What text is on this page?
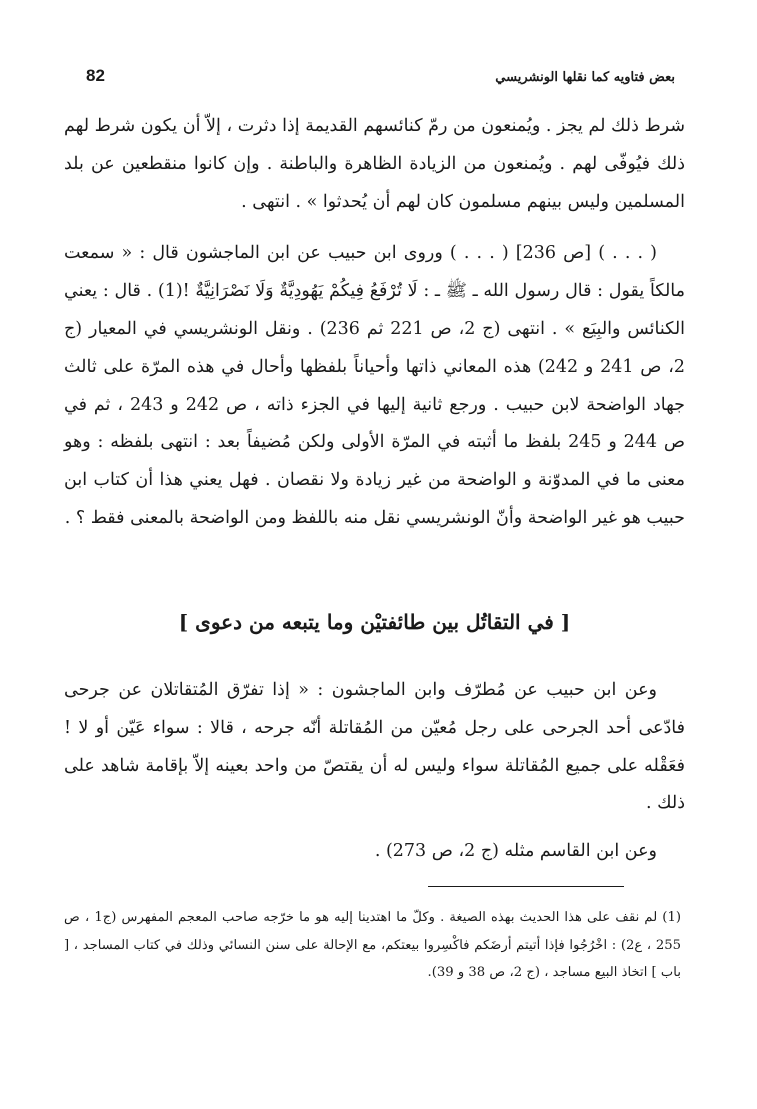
82	بعض فتاويه كما نقلها الونشريسي

شرط ذلك لم يجز . ويُمنعون من رمّ كنائسهم القديمة إذا دثرت ، إلاّ أن يكون شرط لهم ذلك فيُوفّى لهم . ويُمنعون من الزيادة الظاهرة والباطنة . وإن كانوا منقطعين عن بلد المسلمين وليس بينهم مسلمون كان لهم أن يُحدثوا » . انتهى .

( . . . ) [ص 236] ( . . . ) وروى ابن حبيب عن ابن الماجشون قال : « سمعت مالكاً يقول : قال رسول الله ـ ﷺ ـ : لَا تُرْفَعُ فِيكُمْ يَهُودِيَّةٌ وَلَا نَصْرَانِيَّةٌ !(1) . قال : يعني الكنائس والبِيَع » . انتهى (ج 2، ص 221 ثم 236) . ونقل الونشريسي في المعيار (ج 2، ص 241 و 242) هذه المعاني ذاتها وأحياناً بلفظها وأحال في هذه المرّة على ثالث جهاد الواضحة لابن حبيب . ورجع ثانية إليها في الجزء ذاته ، ص 242 و 243 ، ثم في ص 244 و 245 بلفظ ما أثبته في المرّة الأولى ولكن مُضيفاً بعد : انتهى بلفظه : وهو معنى ما في المدوّنة و الواضحة من غير زيادة ولا نقصان . فهل يعني هذا أن كتاب ابن حبيب هو غير الواضحة وأنّ الونشريسي نقل منه باللفظ ومن الواضحة بالمعنى فقط ؟ .

[ في التقاتُل بين طائفتيْن وما يتبعه من دعوى ]

وعن ابن حبيب عن مُطرّف وابن الماجشون : « إذا تفرّق المُتقاتلان عن جرحى فادّعى أحد الجرحى على رجل مُعيّن من المُقاتلة أنّه جرحه ، قالا : سواء عَيّن أو لا ! فعَقْله على جميع المُقاتلة سواء وليس له أن يقتصّ من واحد بعينه إلاّ بإقامة شاهد على ذلك .

وعن ابن القاسم مثله (ج 2، ص 273) .

(1) لم نقف على هذا الحديث بهذه الصيغة . وكلّ ما اهتدينا إليه هو ما خرّجه صاحب المعجم المفهرس (ج1 ، ص 255 ، ع2) : اخْرُجُوا فإذا أتيتم أرضَكم فاكْسِروا بيعتكم، مع الإحالة على سنن النسائي وذلك في كتاب المساجد ، [ باب ] اتخاذ البيع مساجد ، (ج 2، ص 38 و 39).
